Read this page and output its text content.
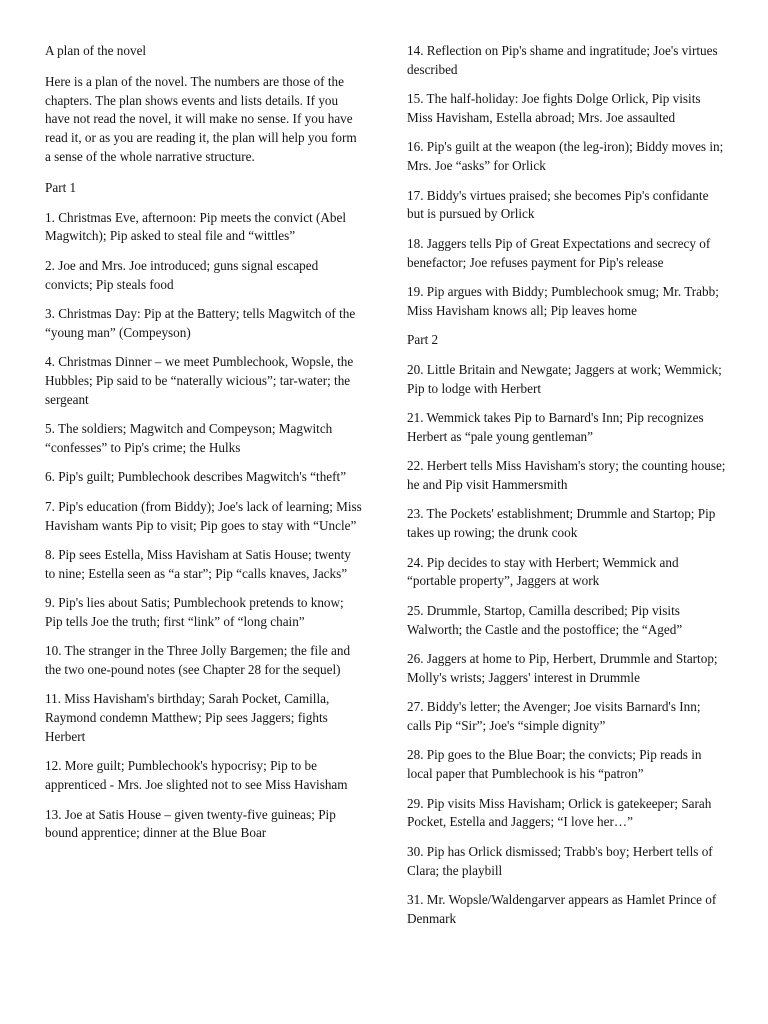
A plan of the novel

Here is a plan of the novel. The numbers are those of the chapters. The plan shows events and lists details. If you have not read the novel, it will make no sense. If you have read it, or as you are reading it, the plan will help you form a sense of the whole narrative structure.

Part 1

1. Christmas Eve, afternoon: Pip meets the convict (Abel Magwitch); Pip asked to steal file and “wittles”

2. Joe and Mrs. Joe introduced; guns signal escaped convicts; Pip steals food

3. Christmas Day: Pip at the Battery; tells Magwitch of the “young man” (Compeyson)

4. Christmas Dinner – we meet Pumblechook, Wopsle, the Hubbles; Pip said to be “naterally wicious”; tar-water; the sergeant

5. The soldiers; Magwitch and Compeyson; Magwitch “confesses” to Pip's crime; the Hulks

6. Pip's guilt; Pumblechook describes Magwitch's “theft”

7. Pip's education (from Biddy); Joe's lack of learning; Miss Havisham wants Pip to visit; Pip goes to stay with “Uncle”

8. Pip sees Estella, Miss Havisham at Satis House; twenty to nine; Estella seen as “a star”; Pip “calls knaves, Jacks”

9. Pip's lies about Satis; Pumblechook pretends to know; Pip tells Joe the truth; first “link” of “long chain”

10. The stranger in the Three Jolly Bargemen; the file and the two one-pound notes (see Chapter 28 for the sequel)

11. Miss Havisham's birthday; Sarah Pocket, Camilla, Raymond condemn Matthew; Pip sees Jaggers; fights Herbert

12. More guilt; Pumblechook's hypocrisy; Pip to be apprenticed - Mrs. Joe slighted not to see Miss Havisham

13. Joe at Satis House – given twenty-five guineas; Pip bound apprentice; dinner at the Blue Boar

14. Reflection on Pip's shame and ingratitude; Joe's virtues described

15. The half-holiday: Joe fights Dolge Orlick, Pip visits Miss Havisham, Estella abroad; Mrs. Joe assaulted

16. Pip's guilt at the weapon (the leg-iron); Biddy moves in; Mrs. Joe “asks” for Orlick

17. Biddy's virtues praised; she becomes Pip's confidante but is pursued by Orlick

18. Jaggers tells Pip of Great Expectations and secrecy of benefactor; Joe refuses payment for Pip's release

19. Pip argues with Biddy; Pumblechook smug; Mr. Trabb; Miss Havisham knows all; Pip leaves home

Part 2

20. Little Britain and Newgate; Jaggers at work; Wemmick; Pip to lodge with Herbert

21. Wemmick takes Pip to Barnard's Inn; Pip recognizes Herbert as “pale young gentleman”

22. Herbert tells Miss Havisham's story; the counting house; he and Pip visit Hammersmith

23. The Pockets' establishment; Drummle and Startop; Pip takes up rowing; the drunk cook

24. Pip decides to stay with Herbert; Wemmick and “portable property”, Jaggers at work

25. Drummle, Startop, Camilla described; Pip visits Walworth; the Castle and the postoffice; the “Aged”

26. Jaggers at home to Pip, Herbert, Drummle and Startop; Molly's wrists; Jaggers' interest in Drummle

27. Biddy's letter; the Avenger; Joe visits Barnard's Inn; calls Pip “Sir”; Joe's “simple dignity”

28. Pip goes to the Blue Boar; the convicts; Pip reads in local paper that Pumblechook is his “patron”

29. Pip visits Miss Havisham; Orlick is gatekeeper; Sarah Pocket, Estella and Jaggers; “I love her…”

30. Pip has Orlick dismissed; Trabb's boy; Herbert tells of Clara; the playbill

31. Mr. Wopsle/Waldengarver appears as Hamlet Prince of Denmark
